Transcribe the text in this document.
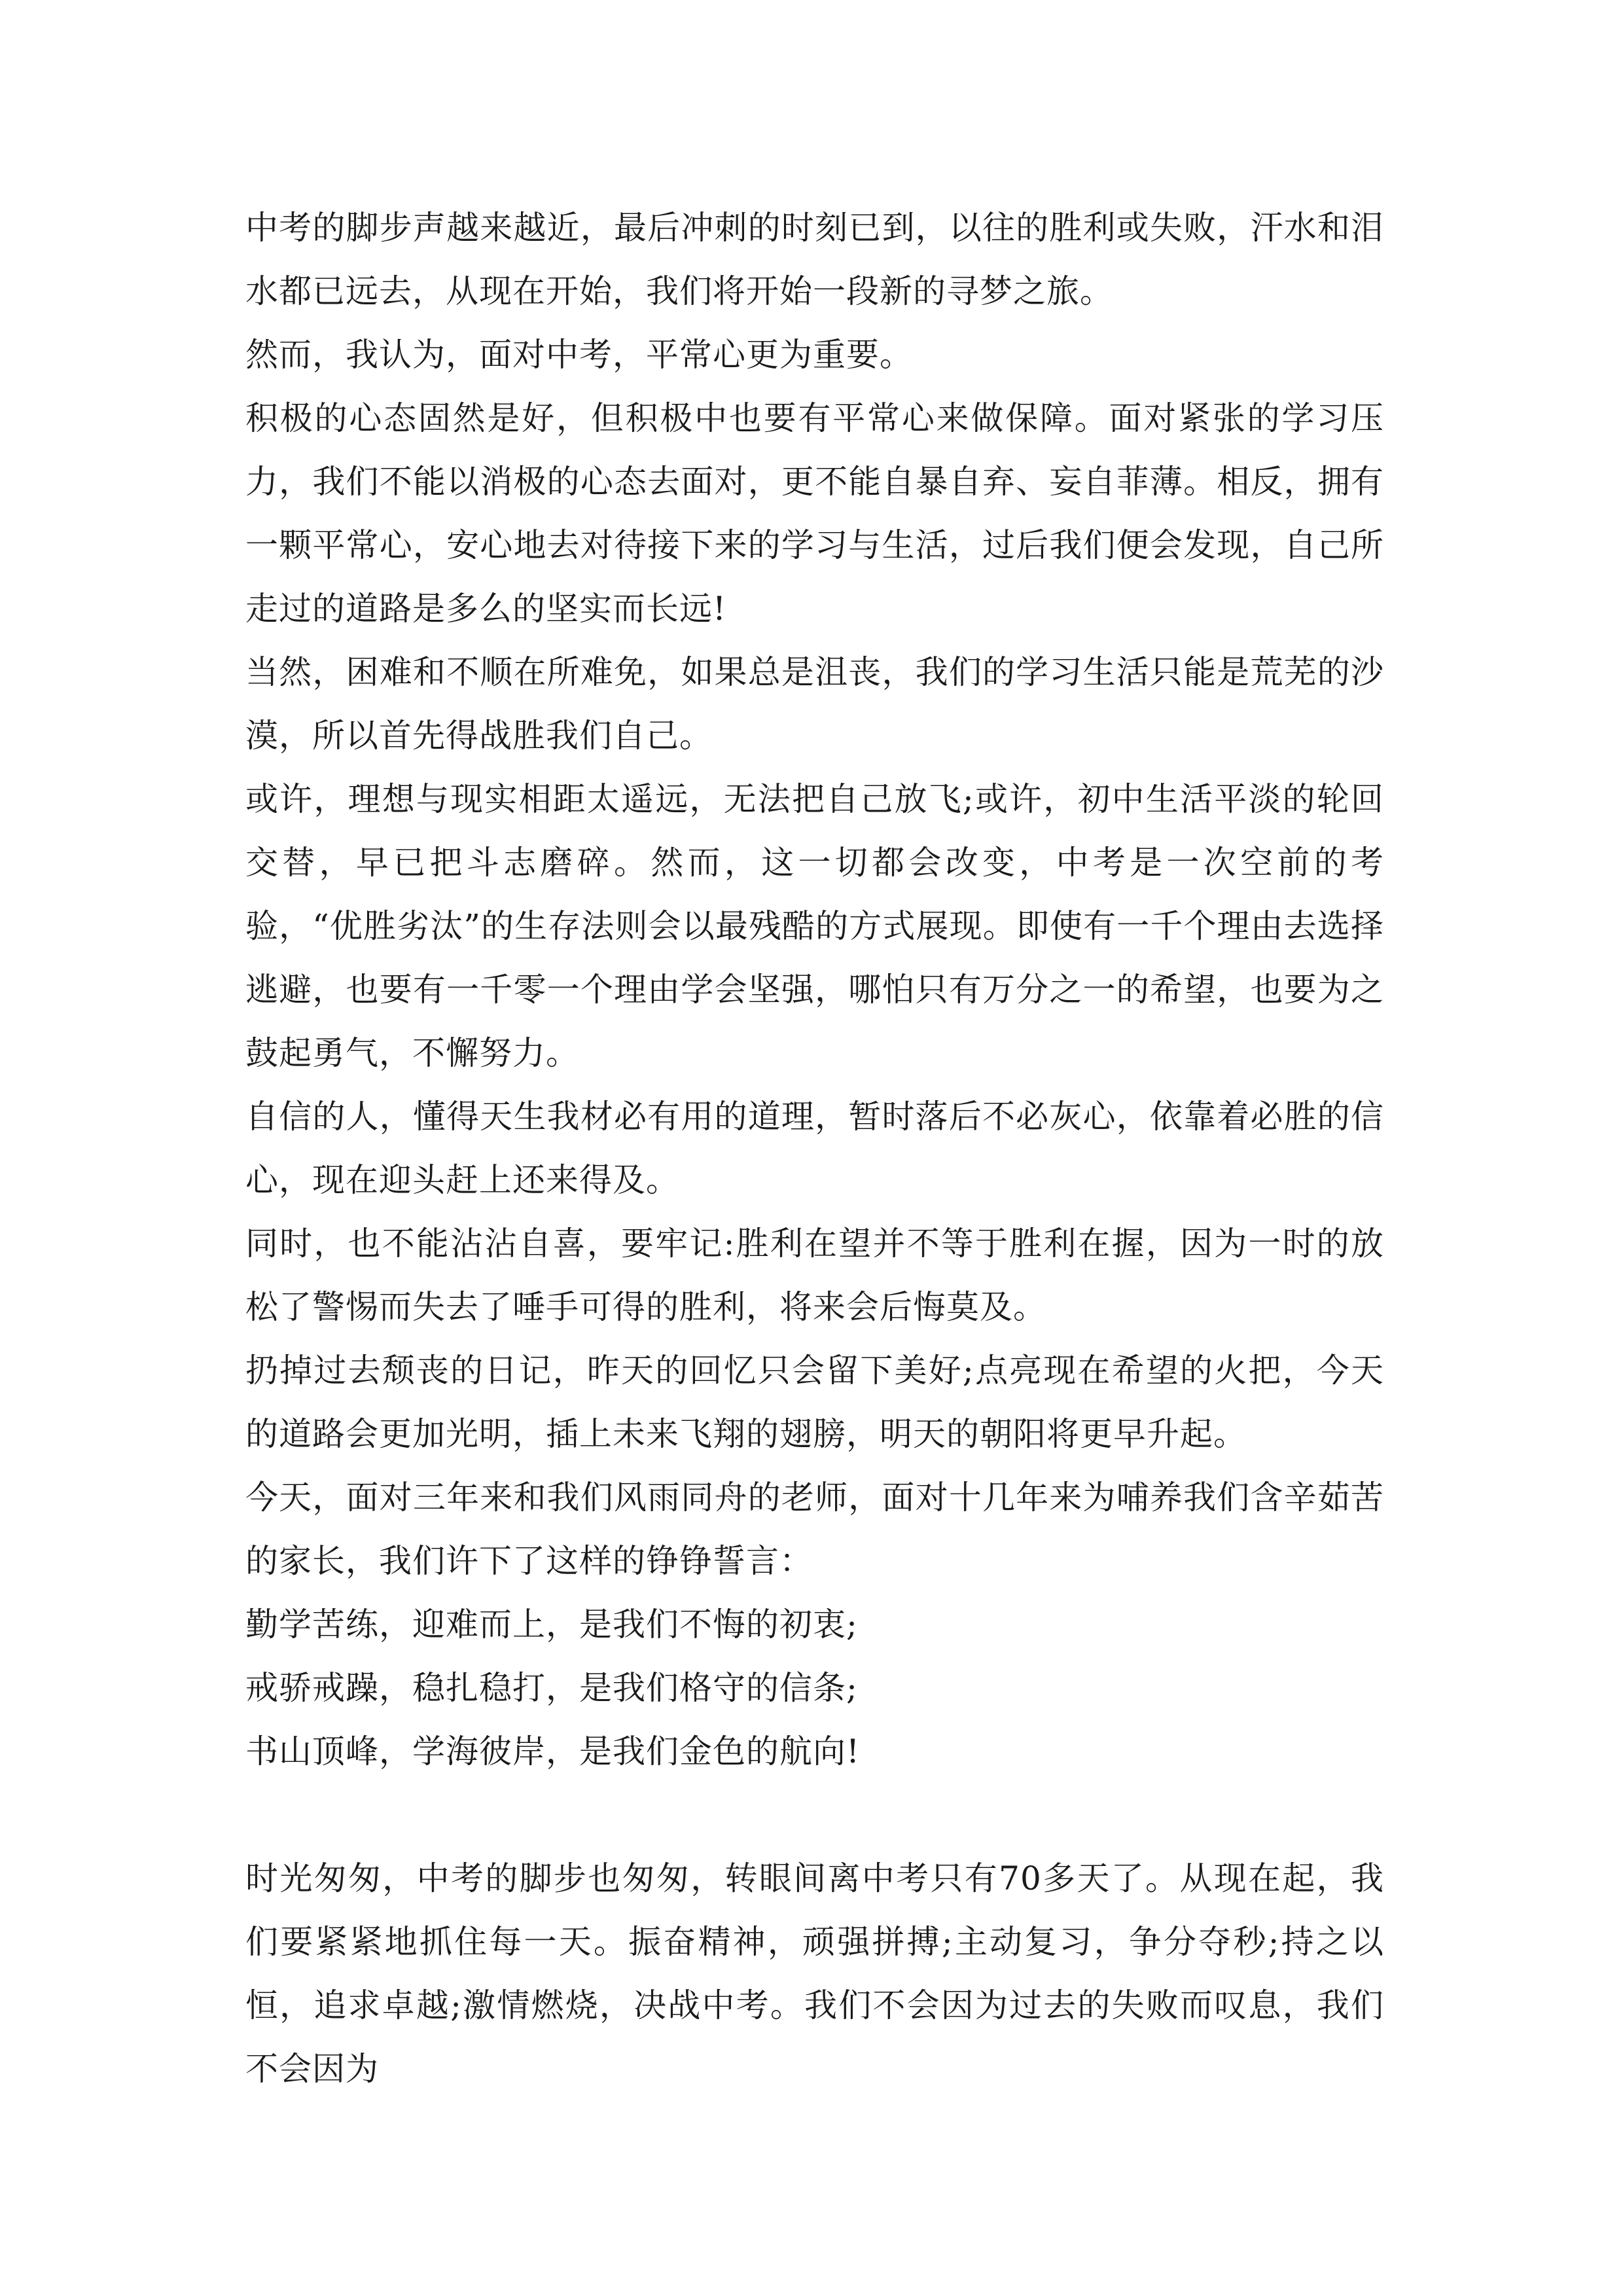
中考的脚步声越来越近，最后冲刺的时刻已到，以往的胜利或失败，汗水和泪水都已远去，从现在开始，我们将开始一段新的寻梦之旅。

然而，我认为，面对中考，平常心更为重要。

积极的心态固然是好，但积极中也要有平常心来做保障。面对紧张的学习压力，我们不能以消极的心态去面对，更不能自暴自弃、妄自菲薄。相反，拥有一颗平常心，安心地去对待接下来的学习与生活，过后我们便会发现，自己所走过的道路是多么的坚实而长远!

当然，困难和不顺在所难免，如果总是沮丧，我们的学习生活只能是荒芜的沙漠，所以首先得战胜我们自己。

或许，理想与现实相距太遥远，无法把自己放飞;或许，初中生活平淡的轮回交替，早已把斗志磨碎。然而，这一切都会改变，中考是一次空前的考验，“优胜劣汰”的生存法则会以最残酷的方式展现。即使有一千个理由去选择逃避，也要有一千零一个理由学会坚强，哪怕只有万分之一的希望，也要为之鼓起勇气，不懈努力。

自信的人，懂得天生我材必有用的道理，暂时落后不必灰心，依靠着必胜的信心，现在迎头赶上还来得及。

同时，也不能沾沾自喜，要牢记:胜利在望并不等于胜利在握，因为一时的放松了警惕而失去了唾手可得的胜利，将来会后悔莫及。

扔掉过去颓丧的日记，昨天的回忆只会留下美好;点亮现在希望的火把，今天的道路会更加光明，插上未来飞翔的翅膀，明天的朝阳将更早升起。

今天，面对三年来和我们风雨同舟的老师，面对十几年来为哺养我们含辛茹苦的家长，我们许下了这样的铮铮誓言：

勤学苦练，迎难而上，是我们不悔的初衷;

戒骄戒躁，稳扎稳打，是我们格守的信条;

书山顶峰，学海彼岸，是我们金色的航向!

时光匆匆，中考的脚步也匆匆，转眼间离中考只有70多天了。从现在起，我们要紧紧地抓住每一天。振奋精神，顽强拼搏;主动复习，争分夺秒;持之以恒，追求卓越;激情燃烧，决战中考。我们不会因为过去的失败而叹息，我们不会因为
